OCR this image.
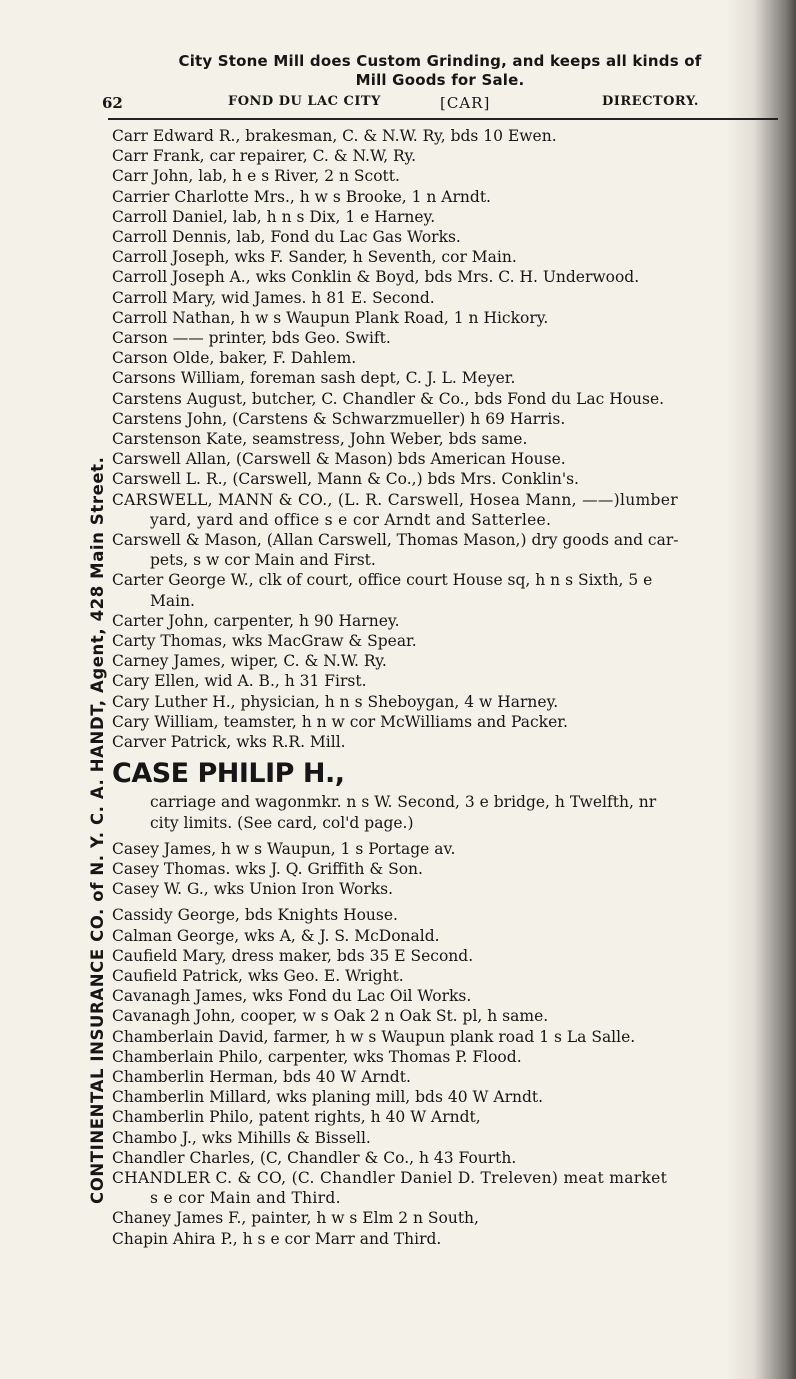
City Stone Mill does Custom Grinding, and keeps all kinds of
Mill Goods for Sale.
62	FOND DU LAC CITY	[CAR]	DIRECTORY.
CONTINENTAL INSURANCE CO. of N. Y. C. A. HANDT, Agent, 428 Main Street.
Carr Edward R., brakesman, C. & N.W. Ry, bds 10 Ewen.
Carr Frank, car repairer, C. & N.W, Ry.
Carr John, lab, h e s River, 2 n Scott.
Carrier Charlotte Mrs., h w s Brooke, 1 n Arndt.
Carroll Daniel, lab, h n s Dix, 1 e Harney.
Carroll Dennis, lab, Fond du Lac Gas Works.
Carroll Joseph, wks F. Sander, h Seventh, cor Main.
Carroll Joseph A., wks Conklin & Boyd, bds Mrs. C. H. Underwood.
Carroll Mary, wid James. h 81 E. Second.
Carroll Nathan, h w s Waupun Plank Road, 1 n Hickory.
Carson —— printer, bds Geo. Swift.
Carson Olde, baker, F. Dahlem.
Carsons William, foreman sash dept, C. J. L. Meyer.
Carstens August, butcher, C. Chandler & Co., bds Fond du Lac House.
Carstens John, (Carstens & Schwarzmueller) h 69 Harris.
Carstenson Kate, seamstress, John Weber, bds same.
Carswell Allan, (Carswell & Mason) bds American House.
Carswell L. R., (Carswell, Mann & Co.,) bds Mrs. Conklin's.
CARSWELL, MANN & CO., (L. R. Carswell, Hosea Mann, ——)lumber
yard, yard and office s e cor Arndt and Satterlee.
Carswell & Mason, (Allan Carswell, Thomas Mason,) dry goods and car-
pets, s w cor Main and First.
Carter George W., clk of court, office court House sq, h n s Sixth, 5 e
Main.
Carter John, carpenter, h 90 Harney.
Carty Thomas, wks MacGraw & Spear.
Carney James, wiper, C. & N.W. Ry.
Cary Ellen, wid A. B., h 31 First.
Cary Luther H., physician, h n s Sheboygan, 4 w Harney.
Cary William, teamster, h n w cor McWilliams and Packer.
Carver Patrick, wks R.R. Mill.
CASE PHILIP H.,
carriage and wagonmkr. n s W. Second, 3 e bridge, h Twelfth, nr
city limits. (See card, col'd page.)
Casey James, h w s Waupun, 1 s Portage av.
Casey Thomas. wks J. Q. Griffith & Son.
Casey W. G., wks Union Iron Works.
Cassidy George, bds Knights House.
Calman George, wks A, & J. S. McDonald.
Caufield Mary, dress maker, bds 35 E Second.
Caufield Patrick, wks Geo. E. Wright.
Cavanagh James, wks Fond du Lac Oil Works.
Cavanagh John, cooper, w s Oak 2 n Oak St. pl, h same.
Chamberlain David, farmer, h w s Waupun plank road 1 s La Salle.
Chamberlain Philo, carpenter, wks Thomas P. Flood.
Chamberlin Herman, bds 40 W Arndt.
Chamberlin Millard, wks planing mill, bds 40 W Arndt.
Chamberlin Philo, patent rights, h 40 W Arndt,
Chambo J., wks Mihills & Bissell.
Chandler Charles, (C, Chandler & Co., h 43 Fourth.
CHANDLER C. & CO, (C. Chandler Daniel D. Treleven) meat market
s e cor Main and Third.
Chaney James F., painter, h w s Elm 2 n South,
Chapin Ahira P., h s e cor Marr and Third.
